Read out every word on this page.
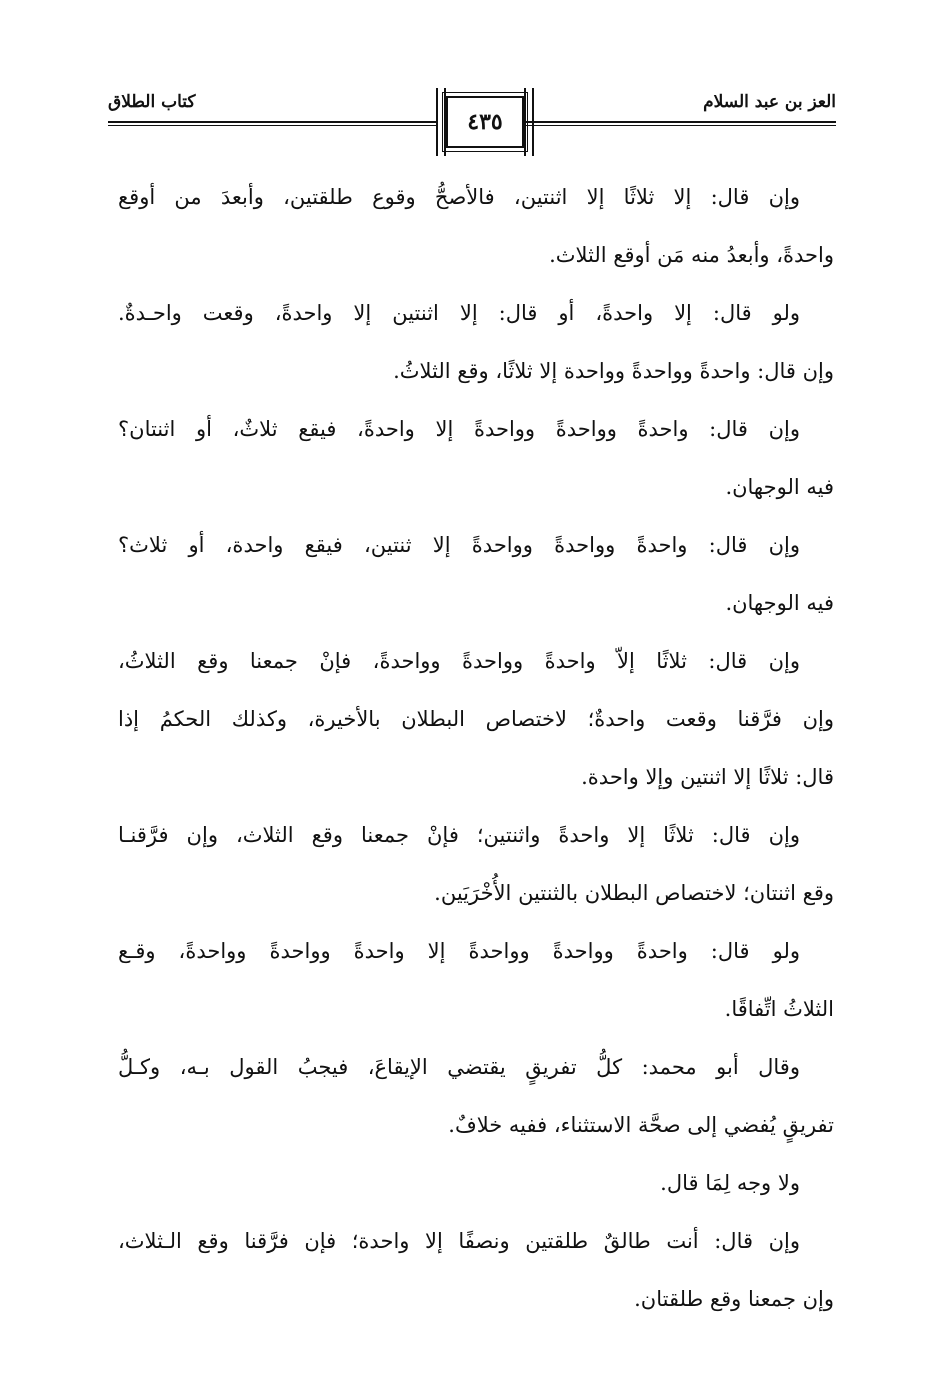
العز بن عبد السلام
٤٣٥
كتاب الطلاق
وإن قال: إلا ثلاثًا إلا اثنتين، فالأصحُّ وقوع طلقتين، وأبعدَ من أوقع
واحدةً، وأبعدُ منه مَن أوقع الثلاث.
ولو قال: إلا واحدةً، أو قال: إلا اثنتين إلا واحدةً، وقعت واحـدةٌ.
وإن قال: واحدةً وواحدةً وواحدة إلا ثلاثًا، وقع الثلاثُ.
وإن قال: واحدةً وواحدةً وواحدةً إلا واحدةً، فيقع ثلاثٌ، أو اثنتان؟
فيه الوجهان.
وإن قال: واحدةً وواحدةً وواحدةً إلا ثنتين، فيقع واحدة، أو ثلاث؟
فيه الوجهان.
وإن قال: ثلاثًا إلاّ واحدةً وواحدةً وواحدةً، فإنْ جمعنا وقع الثلاثُ،
وإن فرَّقنا وقعت واحدةٌ؛ لاختصاص البطلان بالأخيرة، وكذلك الحكمُ إذا
قال: ثلاثًا إلا اثنتين وإلا واحدة.
وإن قال: ثلاثًا إلا واحدةً واثنتين؛ فإنْ جمعنا وقع الثلاث، وإن فرَّقنـا
وقع اثنتان؛ لاختصاص البطلان بالثنتين الأُخْرَيَين.
ولو قال: واحدةً وواحدةً وواحدةً إلا واحدةً وواحدةً وواحدةً، وقـع
الثلاثُ اتِّفاقًا.
وقال أبو محمد: كلُّ تفريقٍ يقتضي الإيقاعَ، فيجبُ القول بـه، وكـلُّ
تفريقٍ يُفضي إلى صحَّة الاستثناء، ففيه خلافٌ.
ولا وجه لِمَا قال.
وإن قال: أنت طالقٌ طلقتين ونصفًا إلا واحدة؛ فإن فرَّقنا وقع الـثلاث،
وإن جمعنا وقع طلقتان.
